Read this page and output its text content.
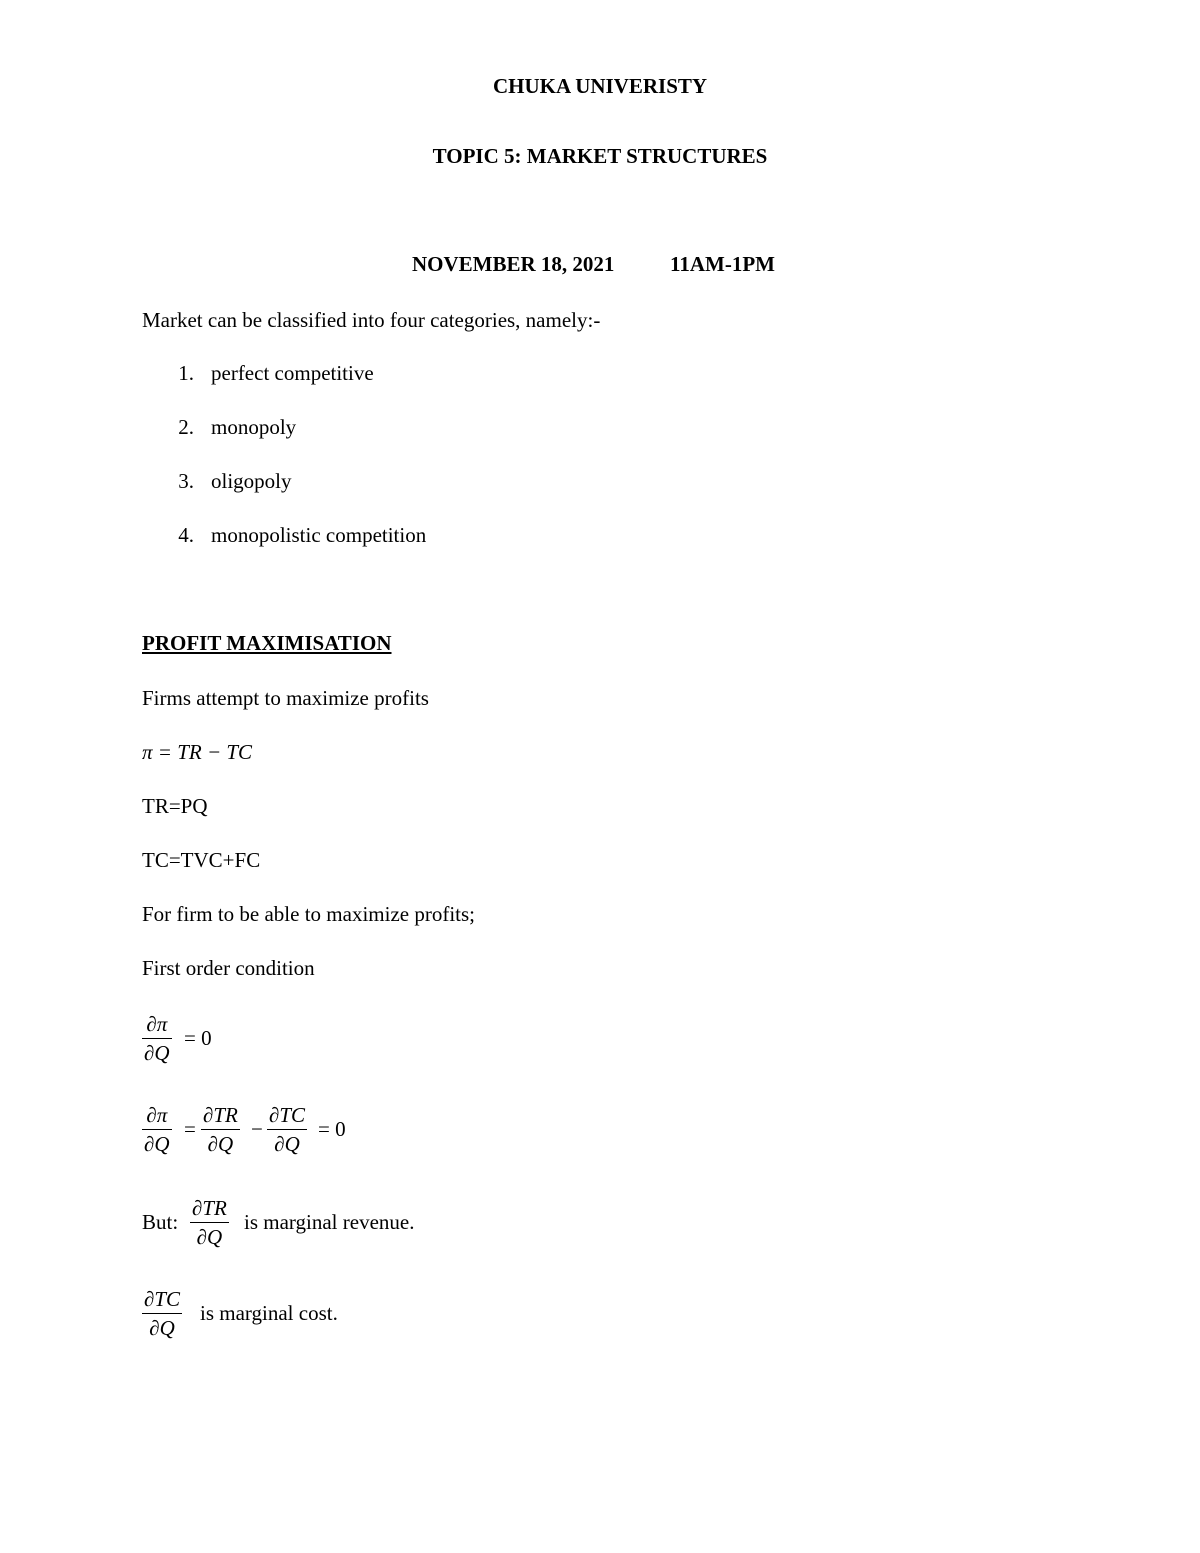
CHUKA UNIVERISTY
TOPIC 5: MARKET STRUCTURES
NOVEMBER 18, 2021	11AM-1PM
Market can be classified into four categories, namely:-
1. perfect competitive
2. monopoly
3. oligopoly
4. monopolistic competition
PROFIT MAXIMISATION
Firms attempt to maximize profits
π = TR − TC
TR=PQ
TC=TVC+FC
For firm to be able to maximize profits;
First order condition
∂π
∂Q
= 0
∂π
∂Q
=
∂TR
∂Q
−
∂TC
∂Q
= 0
But:
∂TR
∂Q
is marginal revenue.
∂TC
∂Q
is marginal cost.
